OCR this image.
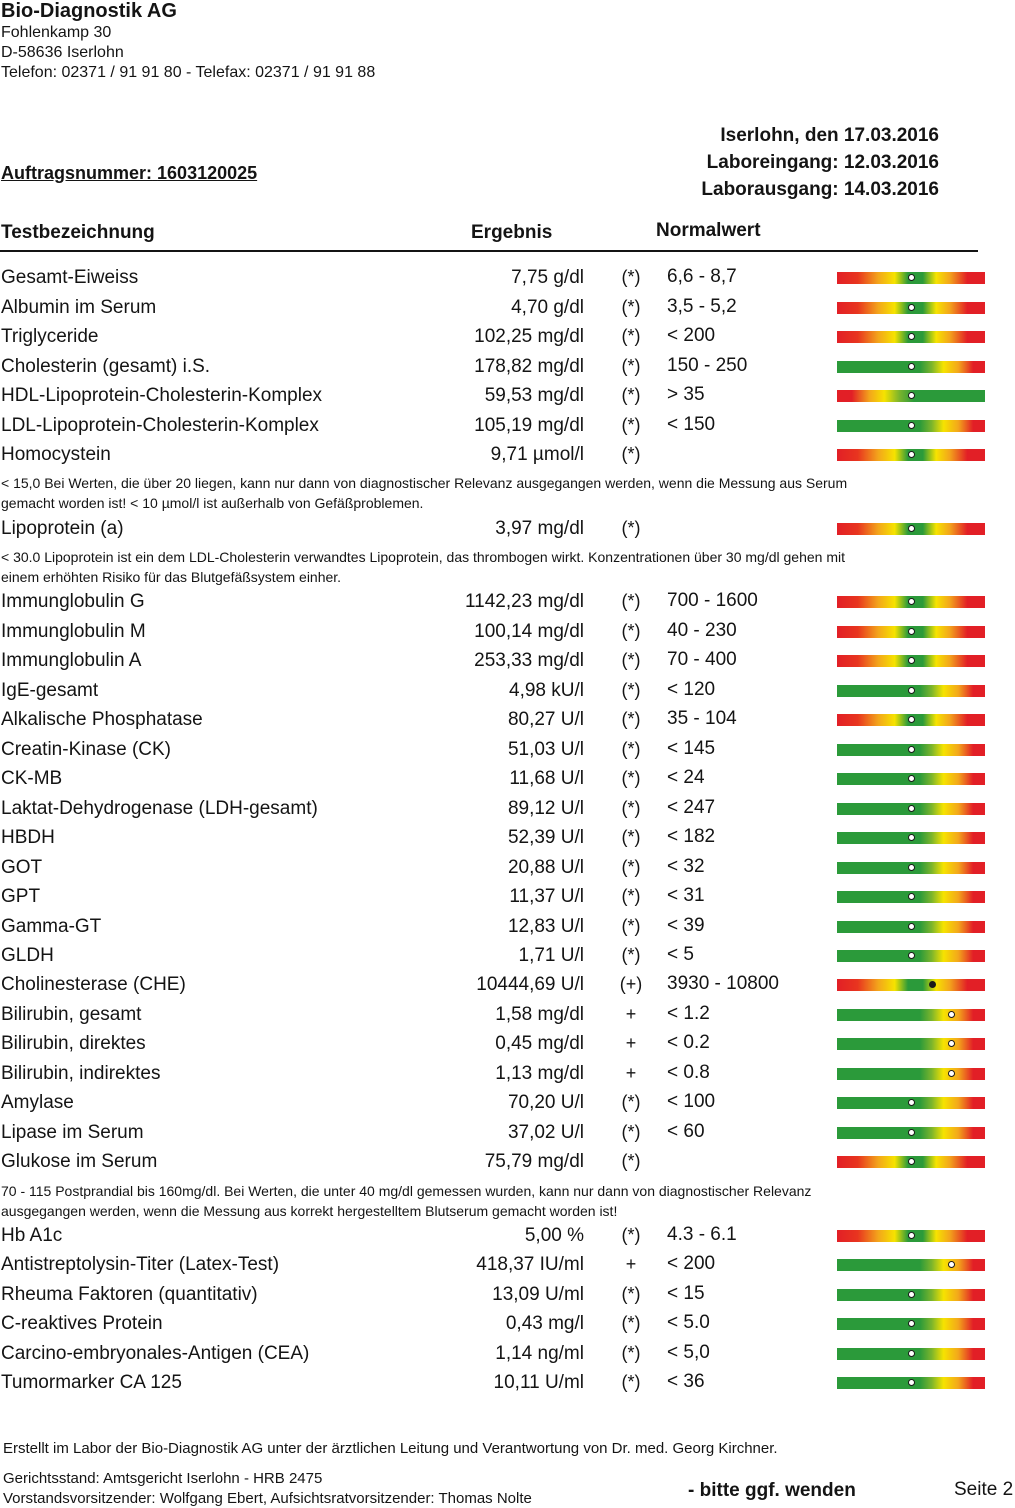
Bio-Diagnostik AG
Fohlenkamp 30
D-58636 Iserlohn
Telefon: 02371 / 91 91 80 - Telefax: 02371 / 91 91 88
Iserlohn, den 17.03.2016
Laboreingang: 12.03.2016
Laborausgang: 14.03.2016
Auftragsnummer: 1603120025
Testbezeichnung	Ergebnis	Normalwert
Gesamt-Eiweiss	7,75 g/dl	(*)	6,6 - 8,7
Albumin im Serum	4,70 g/dl	(*)	3,5 - 5,2
Triglyceride	102,25 mg/dl	(*)	< 200
Cholesterin (gesamt) i.S.	178,82 mg/dl	(*)	150 - 250
HDL-Lipoprotein-Cholesterin-Komplex	59,53 mg/dl	(*)	> 35
LDL-Lipoprotein-Cholesterin-Komplex	105,19 mg/dl	(*)	< 150
Homocystein	9,71 µmol/l	(*)
Lipoprotein (a)	3,97 mg/dl	(*)
Immunglobulin G	1142,23 mg/dl	(*)	700 - 1600
Immunglobulin M	100,14 mg/dl	(*)	40 - 230
Immunglobulin A	253,33 mg/dl	(*)	70 - 400
IgE-gesamt	4,98 kU/l	(*)	< 120
Alkalische Phosphatase	80,27 U/l	(*)	35 - 104
Creatin-Kinase (CK)	51,03 U/l	(*)	< 145
CK-MB	11,68 U/l	(*)	< 24
Laktat-Dehydrogenase (LDH-gesamt)	89,12 U/l	(*)	< 247
HBDH	52,39 U/l	(*)	< 182
GOT	20,88 U/l	(*)	< 32
GPT	11,37 U/l	(*)	< 31
Gamma-GT	12,83 U/l	(*)	< 39
GLDH	1,71 U/l	(*)	< 5
Cholinesterase (CHE)	10444,69 U/l	(+)	3930 - 10800
Bilirubin, gesamt	1,58 mg/dl	+	< 1.2
Bilirubin, direktes	0,45 mg/dl	+	< 0.2
Bilirubin, indirektes	1,13 mg/dl	+	< 0.8
Amylase	70,20 U/l	(*)	< 100
Lipase im Serum	37,02 U/l	(*)	< 60
Glukose im Serum	75,79 mg/dl	(*)
Hb A1c	5,00 %	(*)	4.3 - 6.1
Antistreptolysin-Titer (Latex-Test)	418,37 IU/ml	+	< 200
Rheuma Faktoren (quantitativ)	13,09 U/ml	(*)	< 15
C-reaktives Protein	0,43 mg/l	(*)	< 5.0
Carcino-embryonales-Antigen (CEA)	1,14 ng/ml	(*)	< 5,0
Tumormarker CA 125	10,11 U/ml	(*)	< 36
< 15,0 Bei Werten, die über 20 liegen, kann nur dann von diagnostischer Relevanz ausgegangen werden, wenn die Messung aus Serum
gemacht worden ist! < 10 µmol/l ist außerhalb von Gefäßproblemen.
< 30.0 Lipoprotein ist ein dem LDL-Cholesterin verwandtes Lipoprotein, das thrombogen wirkt. Konzentrationen über 30 mg/dl gehen mit
einem erhöhten Risiko für das Blutgefäßsystem einher.
70 - 115 Postprandial bis 160mg/dl. Bei Werten, die unter 40 mg/dl gemessen wurden, kann nur dann von diagnostischer Relevanz
ausgegangen werden, wenn die Messung aus korrekt hergestelltem Blutserum gemacht worden ist!
Erstellt im Labor der Bio-Diagnostik AG unter der ärztlichen Leitung und Verantwortung von Dr. med. Georg Kirchner.
Gerichtsstand: Amtsgericht Iserlohn - HRB 2475
Vorstandsvorsitzender: Wolfgang Ebert, Aufsichtsratvorsitzender: Thomas Nolte	- bitte ggf. wenden	Seite 2
